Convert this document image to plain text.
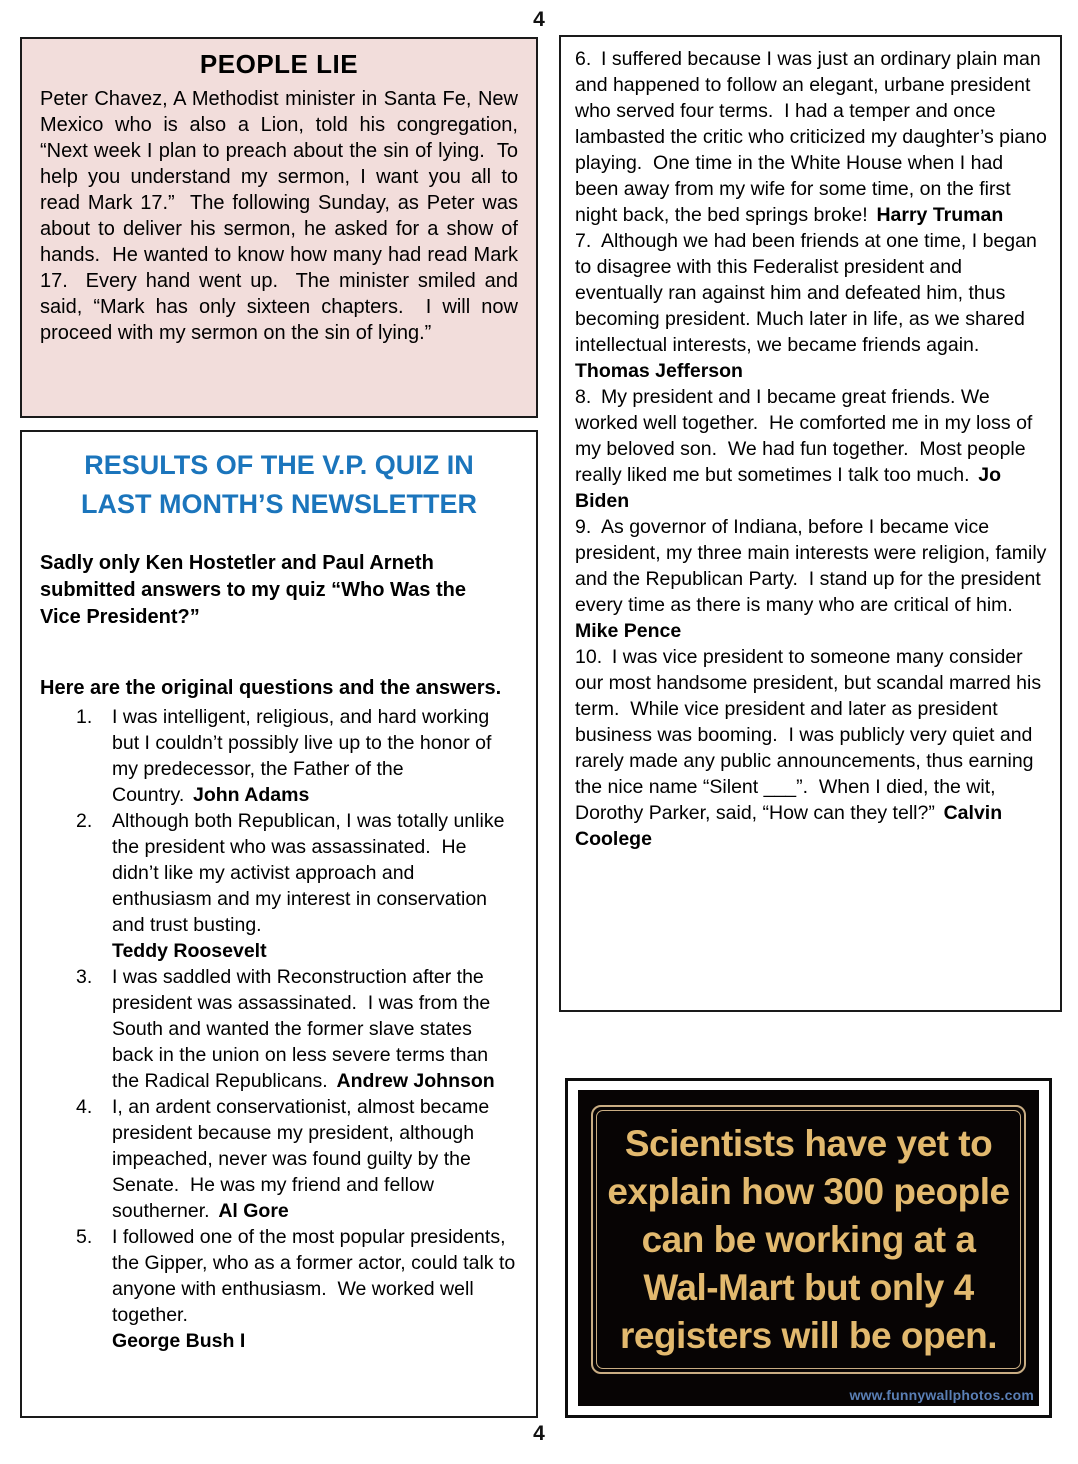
4
PEOPLE LIE

Peter Chavez, A Methodist minister in Santa Fe, New Mexico who is also a Lion, told his congregation, “Next week I plan to preach about the sin of lying.  To help you understand my sermon, I want you all to read Mark 17.”  The following Sunday, as Peter was about to deliver his sermon, he asked for a show of hands.  He wanted to know how many had read Mark 17.  Every hand went up.  The minister smiled and said, “Mark has only sixteen chapters.  I will now proceed with my sermon on the sin of lying.”

RESULTS OF THE V.P. QUIZ IN LAST MONTH’S NEWSLETTER

Sadly only Ken Hostetler and Paul Arneth submitted answers to my quiz “Who Was the Vice President?”

Here are the original questions and the answers.

1.	I was intelligent, religious, and hard working but I couldn’t possibly live up to the honor of my predecessor, the Father of the Country. John Adams
2.	Although both Republican, I was totally unlike the president who was assassinated.  He didn’t like my activist approach and enthusiasm and my interest in conservation and trust busting.
Teddy Roosevelt
3.	I was saddled with Reconstruction after the president was assassinated.  I was from the South and wanted the former slave states back in the union on less severe terms than the Radical Republicans. Andrew Johnson
4.	I, an ardent conservationist, almost became president because my president, although impeached, never was found guilty by the Senate.  He was my friend and fellow southerner. Al Gore
5.	I followed one of the most popular presidents, the Gipper, who as a former actor, could talk to anyone with enthusiasm.  We worked well together.
George Bush I

6. I suffered because I was just an ordinary plain man and happened to follow an elegant, urbane president who served four terms.  I had a temper and once lambasted the critic who criticized my daughter’s piano playing.  One time in the White House when I had been away from my wife for some time, on the first night back, the bed springs broke! Harry Truman

7. Although we had been friends at one time, I began to disagree with this Federalist president and eventually ran against him and defeated him, thus becoming president. Much later in life, as we shared intellectual interests, we became friends again.
Thomas Jefferson

8. My president and I became great friends. We worked well together.  He comforted me in my loss of my beloved son.  We had fun together.  Most people really liked me but sometimes I talk too much. Jo Biden

9. As governor of Indiana, before I became vice president, my three main interests were religion, family and the Republican Party.  I stand up for the president every time as there is many who are critical of him.
Mike Pence

10. I was vice president to someone many consider our most handsome president, but scandal marred his term.  While vice president and later as president business was booming.  I was publicly very quiet and rarely made any public announcements, thus earning the nice name “Silent ___”.  When I died, the wit, Dorothy Parker, said, “How can they tell?” Calvin Coolege

Scientists have yet to
explain how 300 people
can be working at a
Wal-Mart but only 4
registers will be open.
www.funnywallphotos.com
4
